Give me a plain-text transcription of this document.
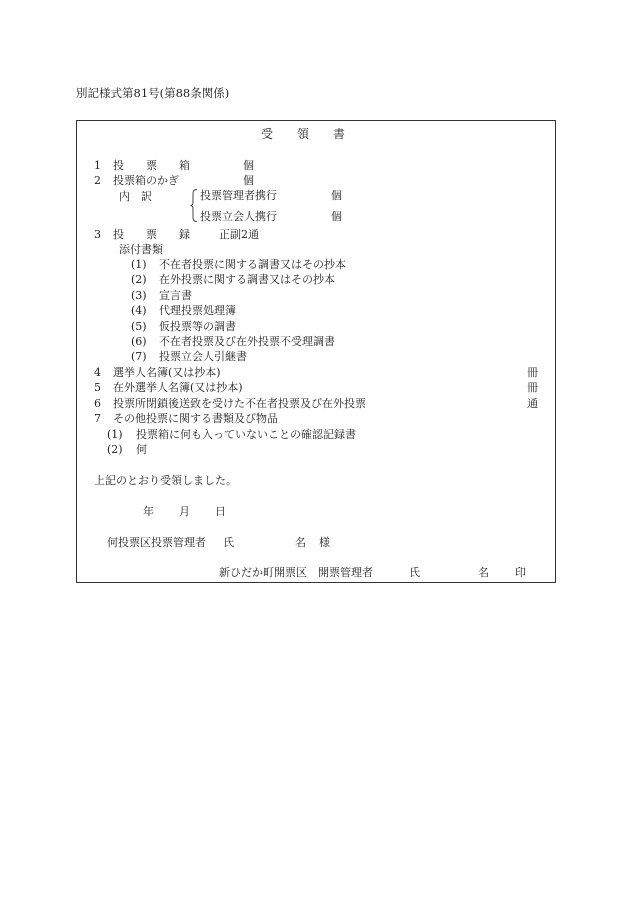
別記様式第81号(第88条関係)
受　　領　　書
1 投　　票　　箱	個
2 投票箱のかぎ	個
内　訳	投票管理者携行	個
投票立会人携行	個
3 投　　票　　録	正副2通
添付書類
(1) 不在者投票に関する調書又はその抄本
(2) 在外投票に関する調書又はその抄本
(3) 宣言書
(4) 代理投票処理簿
(5) 仮投票等の調書
(6) 不在者投票及び在外投票不受理調書
(7) 投票立会人引継書
4 選挙人名簿(又は抄本)	冊
5 在外選挙人名簿(又は抄本)	冊
6 投票所閉鎖後送致を受けた不在者投票及び在外投票	通
7 その他投票に関する書類及び物品
(1) 投票箱に何も入っていないことの確認記録書
(2) 何
上記のとおり受領しました。
年 月 日
何投票区投票管理者 氏	名 様
新ひだか町開票区　開票管理者	氏	名 印
